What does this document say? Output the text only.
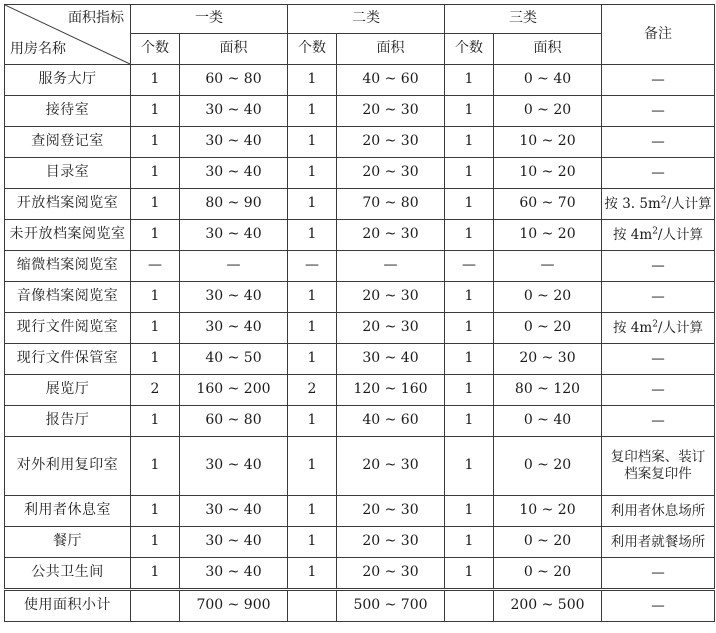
面积指标
用房名称	一类		二类		三类		备注
	个数	面积	个数	面积	个数	面积	
服务大厅	1	60 ~ 80	1	40 ~ 60	1	0 ~ 40	—
接待室	1	30 ~ 40	1	20 ~ 30	1	0 ~ 20	—
查阅登记室	1	30 ~ 40	1	20 ~ 30	1	10 ~ 20	—
目录室	1	30 ~ 40	1	20 ~ 30	1	10 ~ 20	—
开放档案阅览室	1	80 ~ 90	1	70 ~ 80	1	60 ~ 70	按 3. $5m^2/$人计算
未开放档案阅览室	1	30 ~ 40	1	20 ~ 30	1	10 ~ 20	按 $4m^2/$人计算
缩微档案阅览室	—	—	—	—	—	—	—
音像档案阅览室	1	30 ~ 40	1	20 ~ 30	1	0 ~ 20	—
现行文件阅览室	1	30 ~ 40	1	20 ~ 30	1	0 ~ 20	按 $4m^2/$人计算
现行文件保管室	1	40 ~ 50	1	30 ~ 40	1	20 ~ 30	—
展览厅	2	160 ~ 200	2	120 ~ 160	1	80 ~ 120	—
报告厅	1	60 ~ 80	1	40 ~ 60	1	0 ~ 40	—
对外利用复印室	1	30 ~ 40	1	20 ~ 30	1	0 ~ 20	复印档案、装订
档案复印件
利用者休息室	1	30 ~ 40	1	20 ~ 30	1	10 ~ 20	利用者休息场所
餐厅	1	30 ~ 40	1	20 ~ 30	1	0 ~ 20	利用者就餐场所
公共卫生间	1	30 ~ 40	1	20 ~ 30	1	0 ~ 20	—
使用面积小计		700 ~ 900		500 ~ 700		200 ~ 500	—
